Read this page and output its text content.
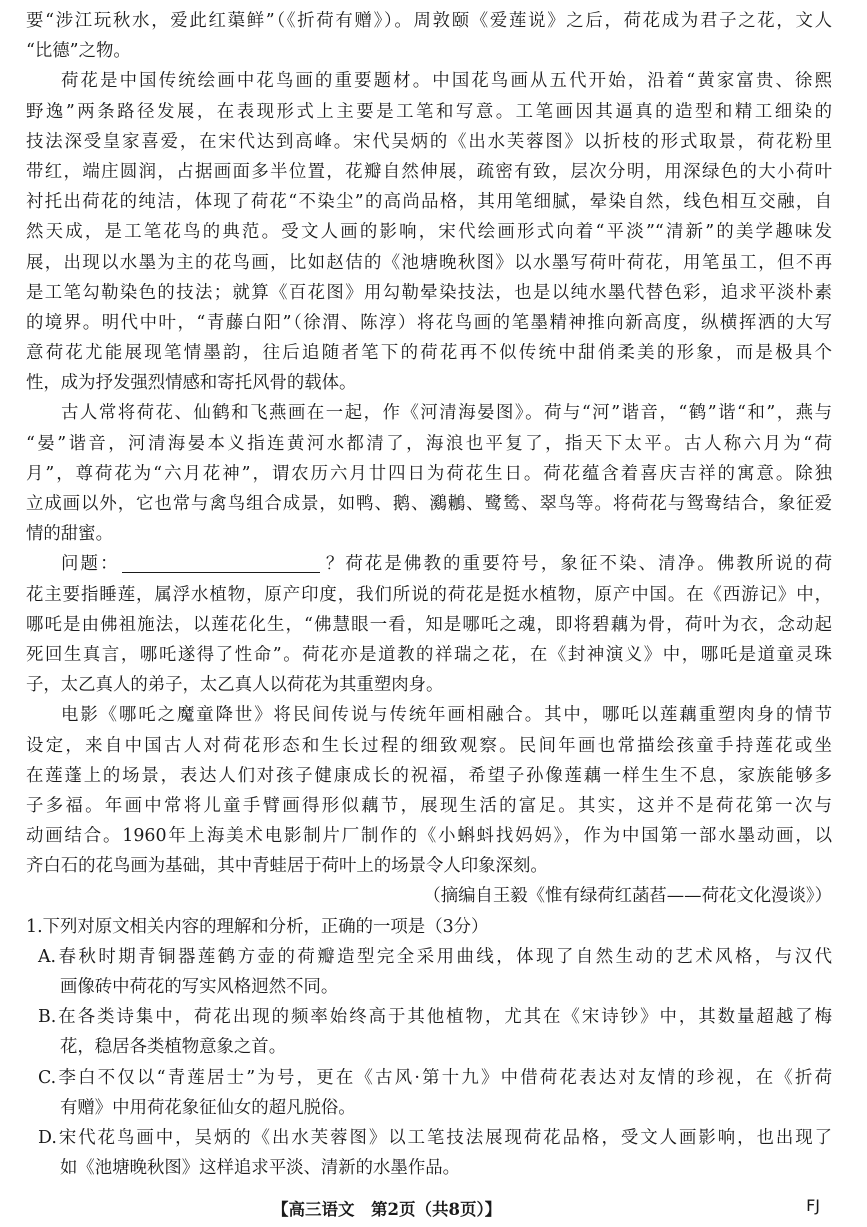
要“涉江玩秋水，爱此红蕖鲜”（《折荷有赠》）。周敦颐《爱莲说》之后，荷花成为君子之花，文人
“比德”之物。
荷花是中国传统绘画中花鸟画的重要题材。中国花鸟画从五代开始，沿着“黄家富贵、徐熙
野逸”两条路径发展，在表现形式上主要是工笔和写意。工笔画因其逼真的造型和精工细染的
技法深受皇家喜爱，在宋代达到高峰。宋代吴炳的《出水芙蓉图》以折枝的形式取景，荷花粉里
带红，端庄圆润，占据画面多半位置，花瓣自然伸展，疏密有致，层次分明，用深绿色的大小荷叶
衬托出荷花的纯洁，体现了荷花“不染尘”的高尚品格，其用笔细腻，晕染自然，线色相互交融，自
然天成，是工笔花鸟的典范。受文人画的影响，宋代绘画形式向着“平淡”“清新”的美学趣味发
展，出现以水墨为主的花鸟画，比如赵佶的《池塘晚秋图》以水墨写荷叶荷花，用笔虽工，但不再
是工笔勾勒染色的技法；就算《百花图》用勾勒晕染技法，也是以纯水墨代替色彩，追求平淡朴素
的境界。明代中叶，“青藤白阳”（徐渭、陈淳）将花鸟画的笔墨精神推向新高度，纵横挥洒的大写
意荷花尤能展现笔情墨韵，往后追随者笔下的荷花再不似传统中甜俏柔美的形象，而是极具个
性，成为抒发强烈情感和寄托风骨的载体。
古人常将荷花、仙鹤和飞燕画在一起，作《河清海晏图》。荷与“河”谐音，“鹤”谐“和”，燕与
“晏”谐音，河清海晏本义指连黄河水都清了，海浪也平复了，指天下太平。古人称六月为“荷
月”，尊荷花为“六月花神”，谓农历六月廿四日为荷花生日。荷花蕴含着喜庆吉祥的寓意。除独
立成画以外，它也常与禽鸟组合成景，如鸭、鹅、鸂鶒、鹭鸶、翠鸟等。将荷花与鸳鸯结合，象征爱
情的甜蜜。
问题：	？荷花是佛教的重要符号，象征不染、清净。佛教所说的荷
花主要指睡莲，属浮水植物，原产印度，我们所说的荷花是挺水植物，原产中国。在《西游记》中，
哪吒是由佛祖施法，以莲花化生，“佛慧眼一看，知是哪吒之魂，即将碧藕为骨，荷叶为衣，念动起
死回生真言，哪吒遂得了性命”。荷花亦是道教的祥瑞之花，在《封神演义》中，哪吒是道童灵珠
子，太乙真人的弟子，太乙真人以荷花为其重塑肉身。
电影《哪吒之魔童降世》将民间传说与传统年画相融合。其中，哪吒以莲藕重塑肉身的情节
设定，来自中国古人对荷花形态和生长过程的细致观察。民间年画也常描绘孩童手持莲花或坐
在莲蓬上的场景，表达人们对孩子健康成长的祝福，希望子孙像莲藕一样生生不息，家族能够多
子多福。年画中常将儿童手臂画得形似藕节，展现生活的富足。其实，这并不是荷花第一次与
动画结合。1960年上海美术电影制片厂制作的《小蝌蚪找妈妈》，作为中国第一部水墨动画，以
齐白石的花鸟画为基础，其中青蛙居于荷叶上的场景令人印象深刻。
（摘编自王毅《惟有绿荷红菡萏——荷花文化漫谈》）
1.下列对原文相关内容的理解和分析，正确的一项是（3分）
A.春秋时期青铜器莲鹤方壶的荷瓣造型完全采用曲线，体现了自然生动的艺术风格，与汉代
画像砖中荷花的写实风格迥然不同。
B.在各类诗集中，荷花出现的频率始终高于其他植物，尤其在《宋诗钞》中，其数量超越了梅
花，稳居各类植物意象之首。
C.李白不仅以“青莲居士”为号，更在《古风·第十九》中借荷花表达对友情的珍视，在《折荷
有赠》中用荷花象征仙女的超凡脱俗。
D.宋代花鸟画中，吴炳的《出水芙蓉图》以工笔技法展现荷花品格，受文人画影响，也出现了
如《池塘晚秋图》这样追求平淡、清新的水墨作品。
【高三语文　第2页（共8页）】	FJ
